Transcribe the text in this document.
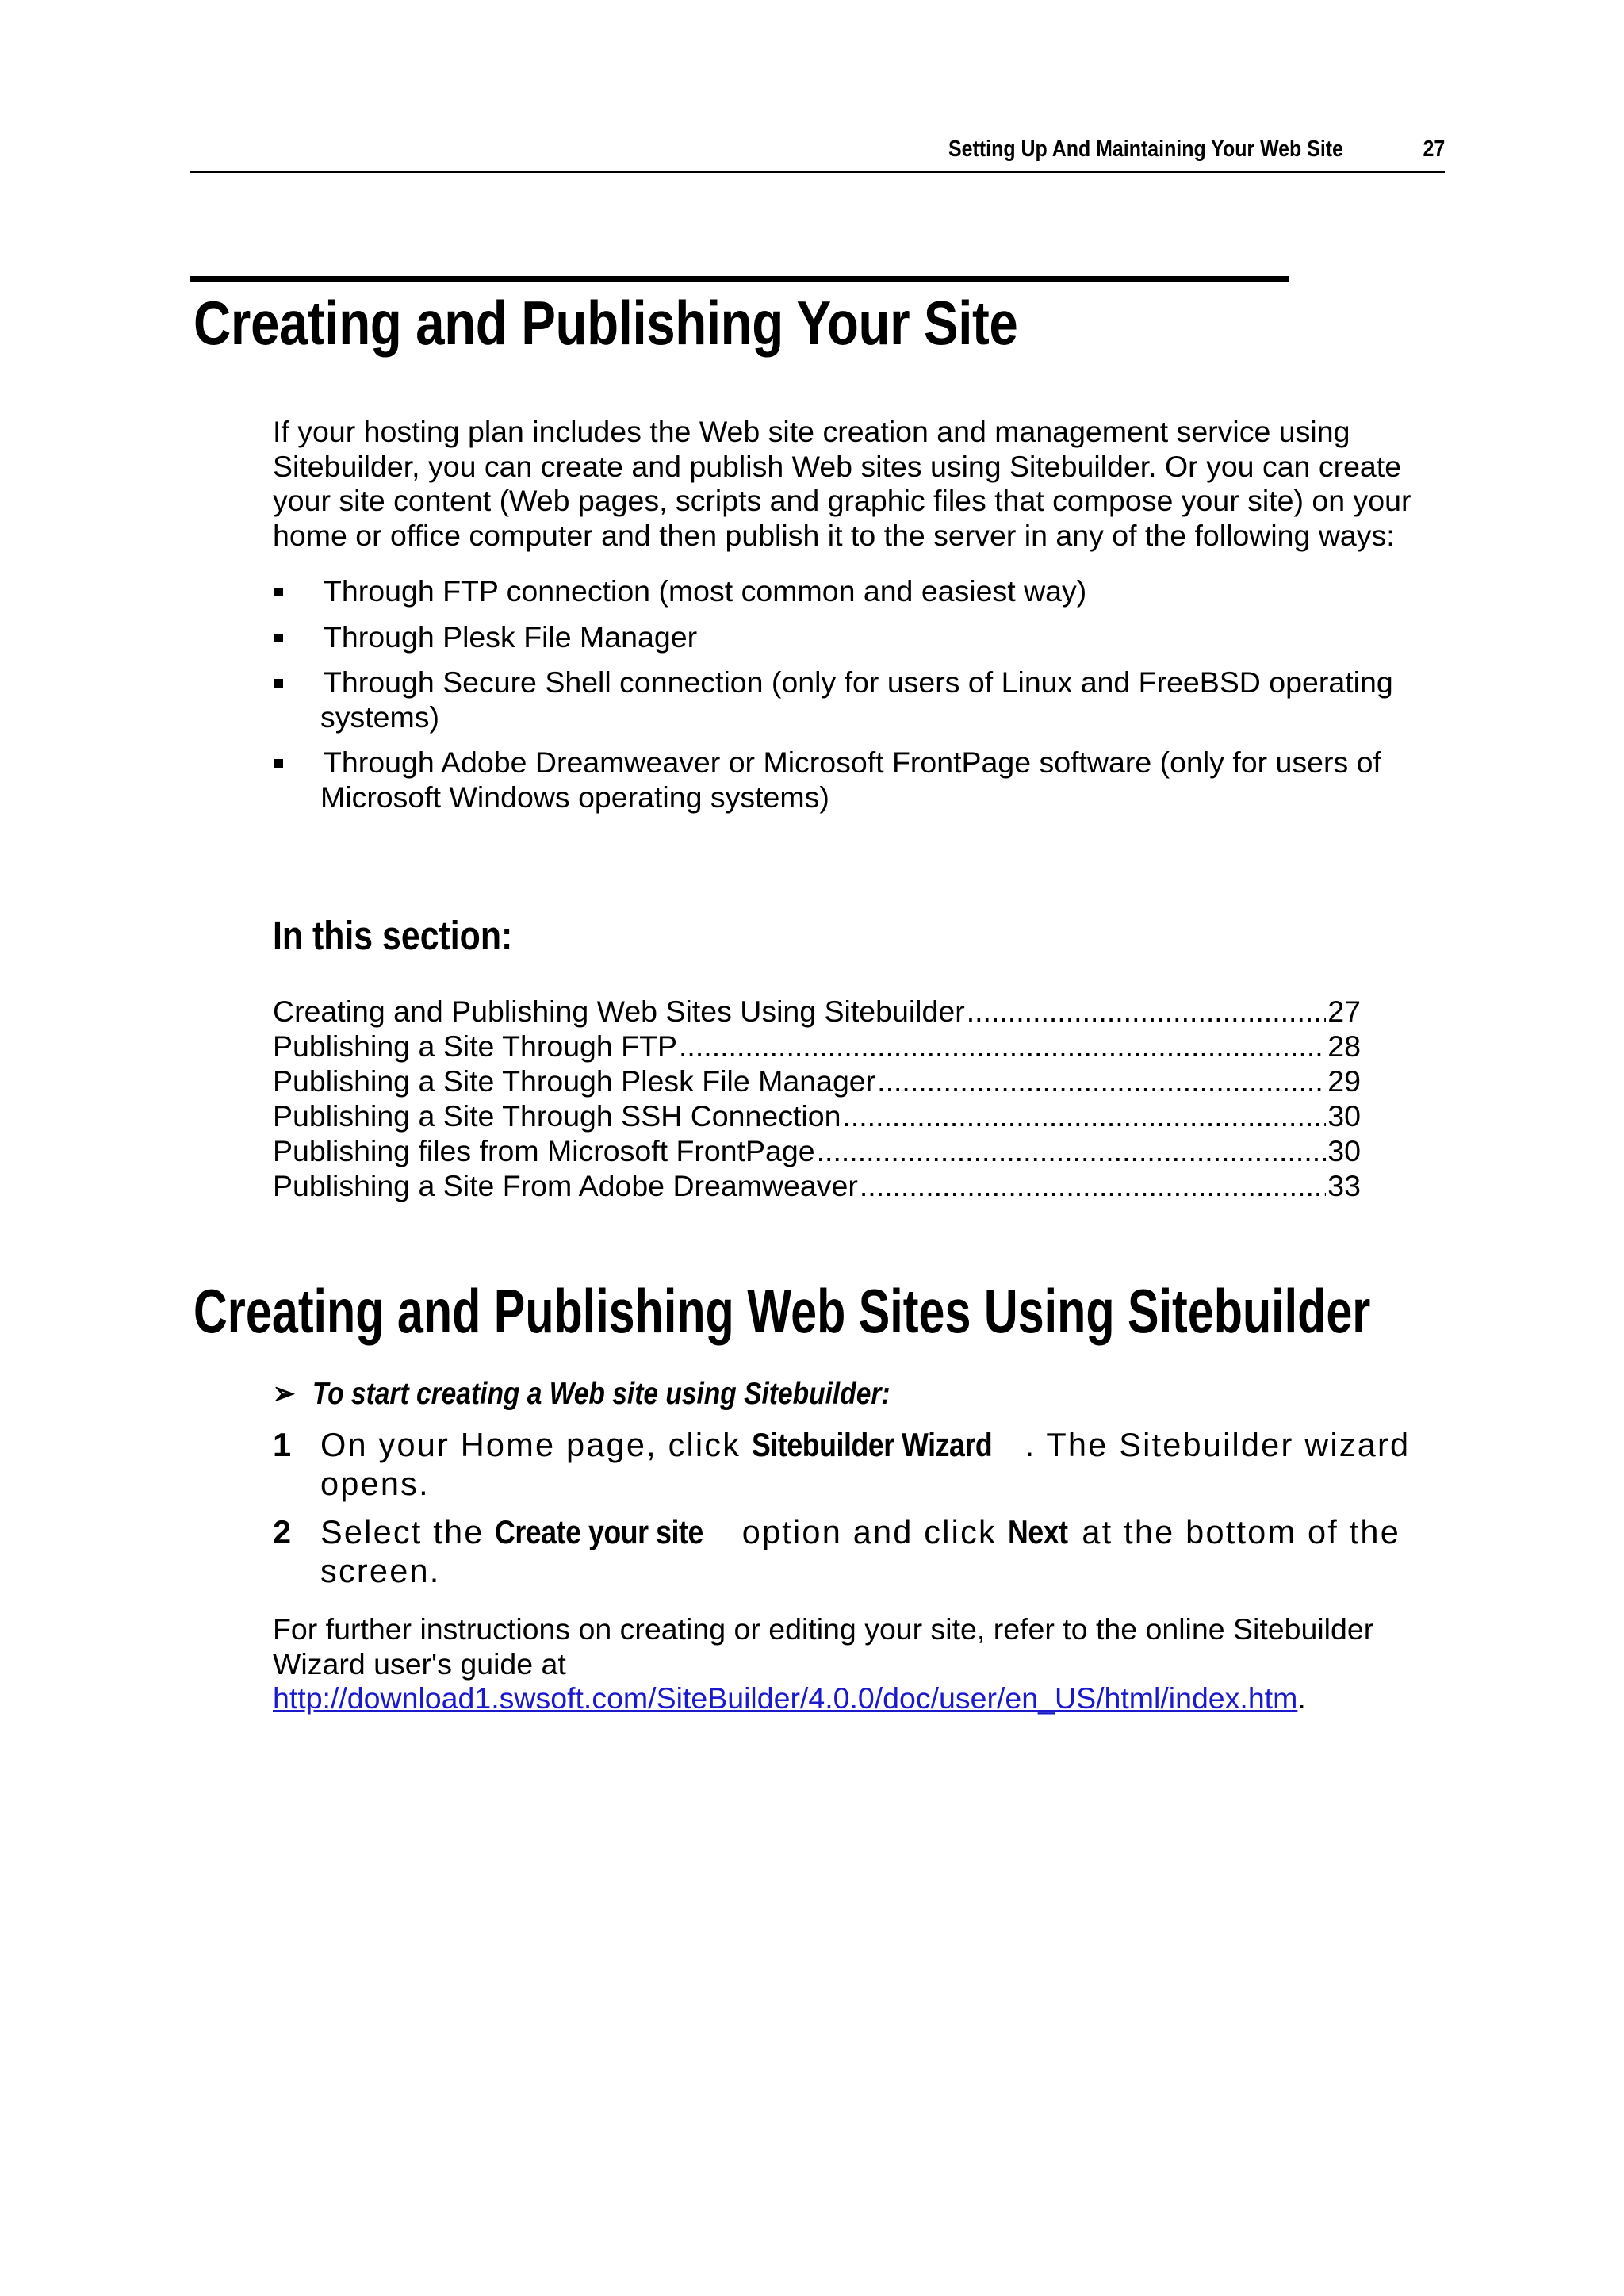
Setting Up And Maintaining Your Web Site	27
Creating and Publishing Your Site

If your hosting plan includes the Web site creation and management service using Sitebuilder, you can create and publish Web sites using Sitebuilder. Or you can create your site content (Web pages, scripts and graphic files that compose your site) on your home or office computer and then publish it to the server in any of the following ways:

Through FTP connection (most common and easiest way)
Through Plesk File Manager
Through Secure Shell connection (only for users of Linux and FreeBSD operating systems)
Through Adobe Dreamweaver or Microsoft FrontPage software (only for users of Microsoft Windows operating systems)
In this section:
Creating and Publishing Web Sites Using Sitebuilder .....	27
Publishing a Site Through FTP .....	28
Publishing a Site Through Plesk File Manager .....	29
Publishing a Site Through SSH Connection .....	30
Publishing files from Microsoft FrontPage .....	30
Publishing a Site From Adobe Dreamweaver .....	33
Creating and Publishing Web Sites Using Sitebuilder
➢ To start creating a Web site using Sitebuilder:
1 On your Home page, click Sitebuilder Wizard . The Sitebuilder wizard opens.
2 Select the Create your site option and click Next at the bottom of the screen.

For further instructions on creating or editing your site, refer to the online Sitebuilder Wizard user's guide at
http://download1.swsoft.com/SiteBuilder/4.0.0/doc/user/en_US/html/index.htm.
